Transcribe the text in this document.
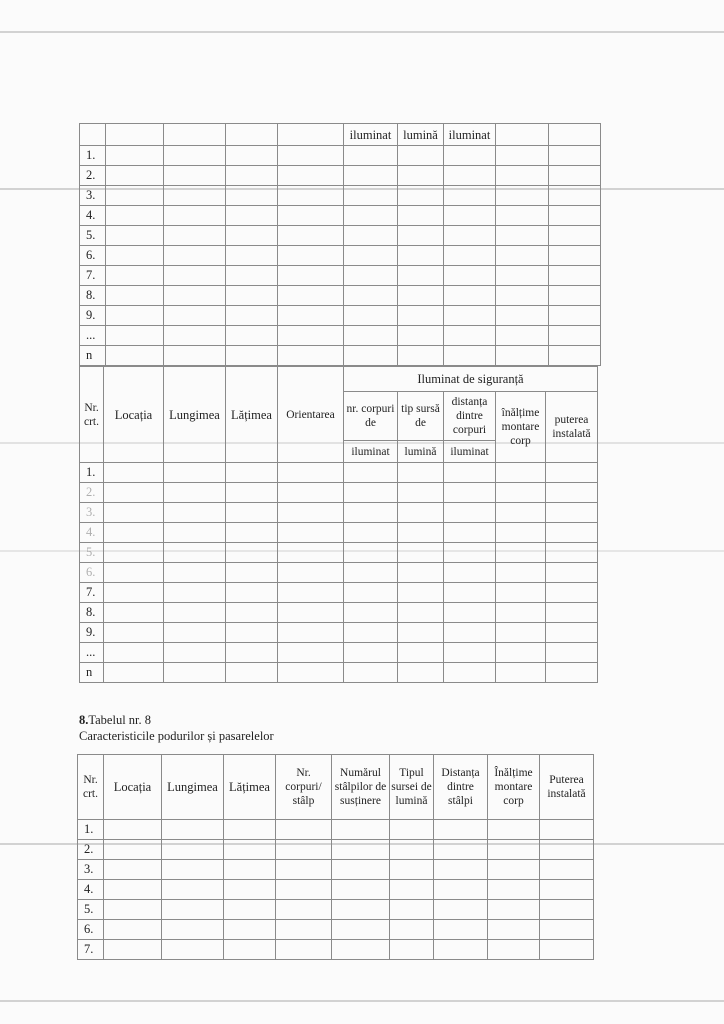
					iluminat	lumină	iluminat		
1.									
2.									
3.									
4.									
5.									
6.									
7.									
8.									
9.									
...									
n									
Nr. crt.	Locația	Lungimea	Lățimea	Orientarea	Iluminat de siguranță				
					nr. corpuri de	tip sursă de	distanța dintre corpuri	înălțime montare corp	puterea instalată
					iluminat	lumină	iluminat		
1.									
2.									
3.									
4.									
5.									
6.									
7.									
8.									
9.									
...									
n									
8.Tabelul nr. 8
Caracteristicile podurilor și pasarelelor
Nr. crt.	Locația	Lungimea	Lățimea	Nr. corpuri/ stâlp	Numărul stâlpilor de susținere	Tipul sursei de lumină	Distanța dintre stâlpi	Înălțime montare corp	Puterea instalată
1.									
2.									
3.									
4.									
5.									
6.									
7.									
